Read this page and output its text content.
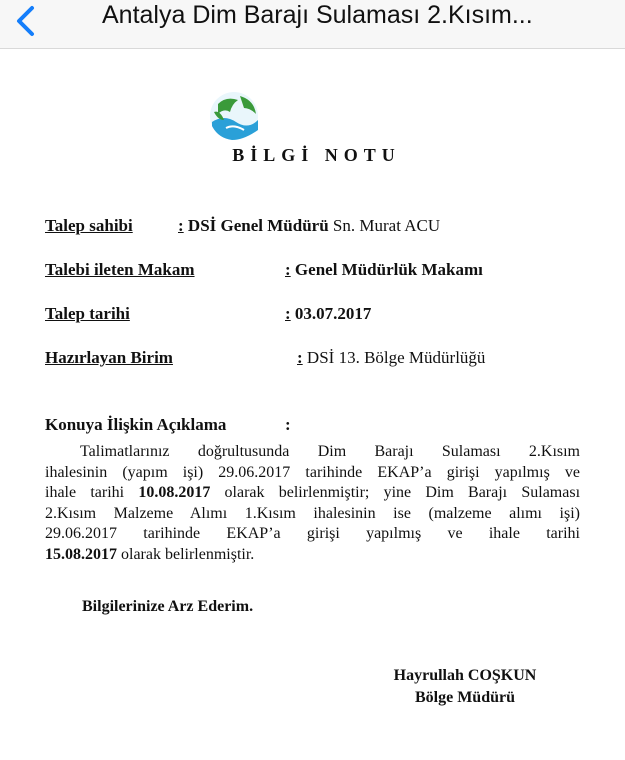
Antalya Dim Barajı Sulaması 2.Kısım...
BİLGİ NOTU
Talep sahibi	: DSİ Genel Müdürü Sn. Murat ACU
Talebi ileten Makam	: Genel Müdürlük Makamı
Talep tarihi	: 03.07.2017
Hazırlayan Birim	: DSİ 13. Bölge Müdürlüğü
Konuya İlişkin Açıklama	:
Talimatlarınız doğrultusunda Dim Barajı Sulaması 2.Kısım
ihalesinin (yapım işi) 29.06.2017 tarihinde EKAP’a girişi yapılmış ve
ihale tarihi 10.08.2017 olarak belirlenmiştir; yine Dim Barajı Sulaması
2.Kısım Malzeme Alımı 1.Kısım ihalesinin ise (malzeme alımı işi)
29.06.2017 tarihinde EKAP’a girişi yapılmış ve ihale tarihi
15.08.2017 olarak belirlenmiştir.
Bilgilerinize Arz Ederim.
Hayrullah COŞKUN
Bölge Müdürü
